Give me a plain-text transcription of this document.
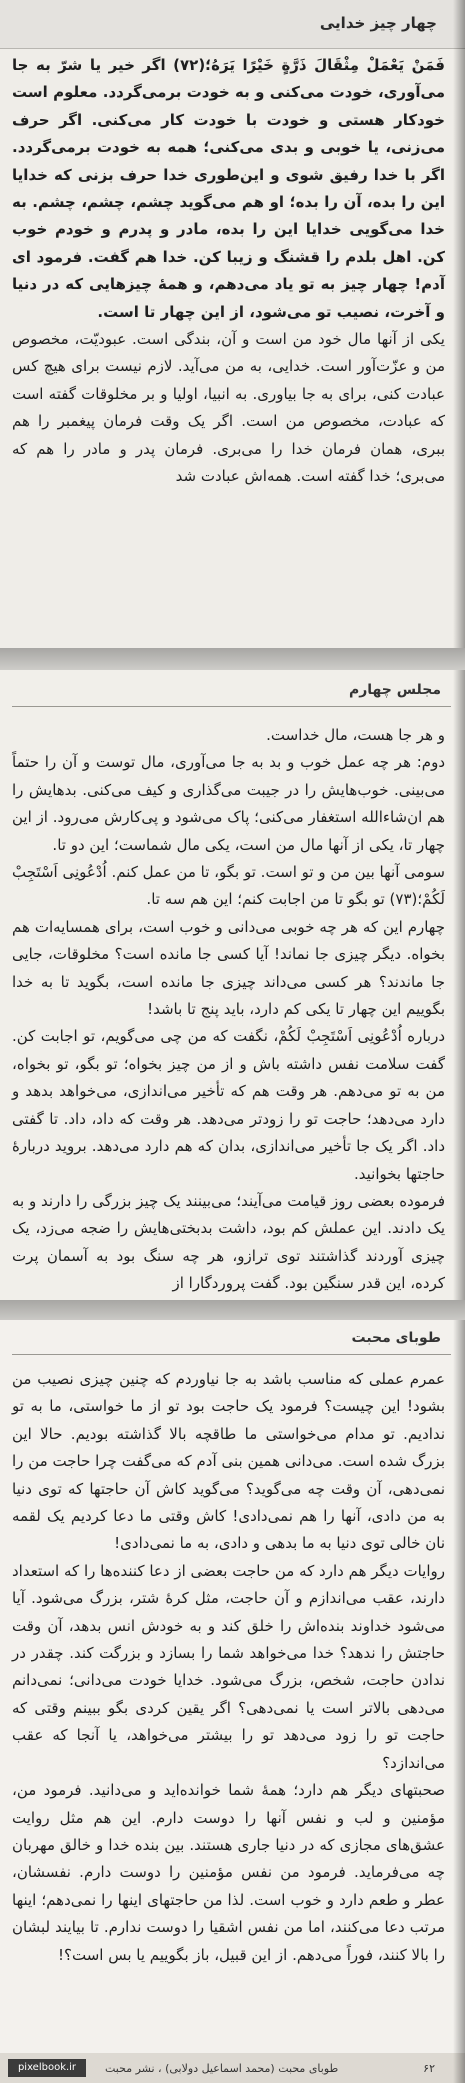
چهار چیز خدایی

فَمَنْ يَعْمَلْ مِثْقَالَ ذَرَّةٍ خَيْرًا يَرَهُ؛(۷۲) اگر خیر یا شرّ به جا می‌آوری، خودت می‌کنی و به خودت برمی‌گردد. معلوم است خودکار هستی و خودت با خودت کار می‌کنی. اگر حرف می‌زنی، یا خوبی و بدی می‌کنی؛ همه به خودت برمی‌گردد. اگر با خدا رفیق شوی و این‌طوری خدا حرف بزنی که خدایا این را بده، آن را بده؛ او هم می‌گوید چشم، چشم، چشم. به خدا می‌گویی خدایا این را بده، مادر و پدرم و خودم خوب کن. اهل بلدم را قشنگ و زیبا کن. خدا هم گفت. فرمود ای آدم! چهار چیز به تو یاد می‌دهم، و همهٔ چیزهایی که در دنیا و آخرت، نصیب تو می‌شود، از این چهار تا است.

یکی از آنها مال خود من است و آن، بندگی است. عبودیّت، مخصوص من و عزّت‌آور است. خدایی، به من می‌آید. لازم نیست برای هیچ کس عبادت کنی، برای به جا بیاوری. به انبیا، اولیا و بر مخلوقات گفته است که عبادت، مخصوص من است. اگر یک وقت فرمان پیغمبر را هم ببری، همان فرمان خدا را می‌بری. فرمان پدر و مادر را هم که می‌بری؛ خدا گفته است. همه‌اش عبادت شد

مجلس چهارم

و هر جا هست، مال خداست.

دوم: هر چه عمل خوب و بد به جا می‌آوری، مال توست و آن را حتماً می‌بینی. خوب‌هایش را در جیبت می‌گذاری و کیف می‌کنی. بدهایش را هم ان‌شاءالله استغفار می‌کنی؛ پاک می‌شود و پی‌کارش می‌رود. از این چهار تا، یکی از آنها مال من است، یکی مال شماست؛ این دو تا.

سومی آنها بین من و تو است. تو بگو، تا من عمل کنم. اُدْعُونِی اَسْتَجِبْ لَکُمْ؛(۷۳) تو بگو تا من اجابت کنم؛ این هم سه تا.

چهارم این که هر چه خوبی می‌دانی و خوب است، برای همسایه‌ات هم بخواه. دیگر چیزی جا نماند! آیا کسی جا مانده است؟ مخلوقات، جایی جا ماندند؟ هر کسی می‌داند چیزی جا مانده است، بگوید تا به خدا بگوییم این چهار تا یکی کم دارد، باید پنج تا باشد!

درباره اُدْعُونِی اَسْتَجِبْ لَکُمْ، نگفت که من چی می‌گویم، تو اجابت کن. گفت سلامت نفس داشته باش و از من چیز بخواه؛ تو بگو، تو بخواه، من به تو می‌دهم. هر وقت هم که تأخیر می‌اندازی، می‌خواهد بدهد و دارد می‌دهد؛ حاجت تو را زودتر می‌دهد. هر وقت که داد، داد. تا گفتی داد. اگر یک جا تأخیر می‌اندازی، بدان که هم دارد می‌دهد. بروید دربارهٔ حاجتها بخوانید.

فرموده بعضی روز قیامت می‌آیند؛ می‌بینند یک چیز بزرگی را دارند و به یک دادند. این عملش کم بود، داشت بدبختی‌هایش را ضجه می‌زد، یک چیزی آوردند گذاشتند توی ترازو، هر چه سنگ بود به آسمان پرت کرده، این قدر سنگین بود. گفت پروردگارا از

طوبای محبت

عمرم عملی که مناسب باشد به جا نیاوردم که چنین چیزی نصیب من بشود! این چیست؟ فرمود یک حاجت بود تو از ما خواستی، ما به تو ندادیم. تو مدام می‌خواستی ما طاقچه بالا گذاشته بودیم. حالا این بزرگ شده است. می‌دانی همین بنی آدم که می‌گفت چرا حاجت من را نمی‌دهی، آن وقت چه می‌گوید؟ می‌گوید کاش آن حاجتها که توی دنیا به من دادی، آنها را هم نمی‌دادی! کاش وقتی ما دعا کردیم یک لقمه نان خالی توی دنیا به ما بدهی و دادی، به ما نمی‌دادی!

روایات دیگر هم دارد که من حاجت بعضی از دعا کننده‌ها را که استعداد دارند، عقب می‌اندازم و آن حاجت، مثل کرهٔ شتر، بزرگ می‌شود. آیا می‌شود خداوند بنده‌اش را خلق کند و به خودش انس بدهد، آن وقت حاجتش را ندهد؟ خدا می‌خواهد شما را بسازد و بزرگت کند. چقدر در ندادن حاجت، شخص، بزرگ می‌شود. خدایا خودت می‌دانی؛ نمی‌دانم می‌دهی بالاتر است یا نمی‌دهی؟ اگر یقین کردی بگو ببینم وقتی که حاجت تو را زود می‌دهد تو را بیشتر می‌خواهد، یا آنجا که عقب می‌اندازد؟

صحبتهای دیگر هم دارد؛ همهٔ شما خوانده‌اید و می‌دانید. فرمود من، مؤمنین و لب و نفس آنها را دوست دارم. این هم مثل روایت عشق‌های مجازی که در دنیا جاری هستند. بین بنده خدا و خالق مهربان چه می‌فرماید. فرمود من نفس مؤمنین را دوست دارم. نفسشان، عطر و طعم دارد و خوب است. لذا من حاجتهای اینها را نمی‌دهم؛ اینها مرتب دعا می‌کنند، اما من نفس اشقیا را دوست ندارم. تا بیایند لبشان را بالا کنند، فوراً می‌دهم. از این قبیل، باز بگوییم یا بس است؟!

pixelbook.ir	طوبای محبت (محمد اسماعیل دولابی) ، نشر محبت	۶۲
